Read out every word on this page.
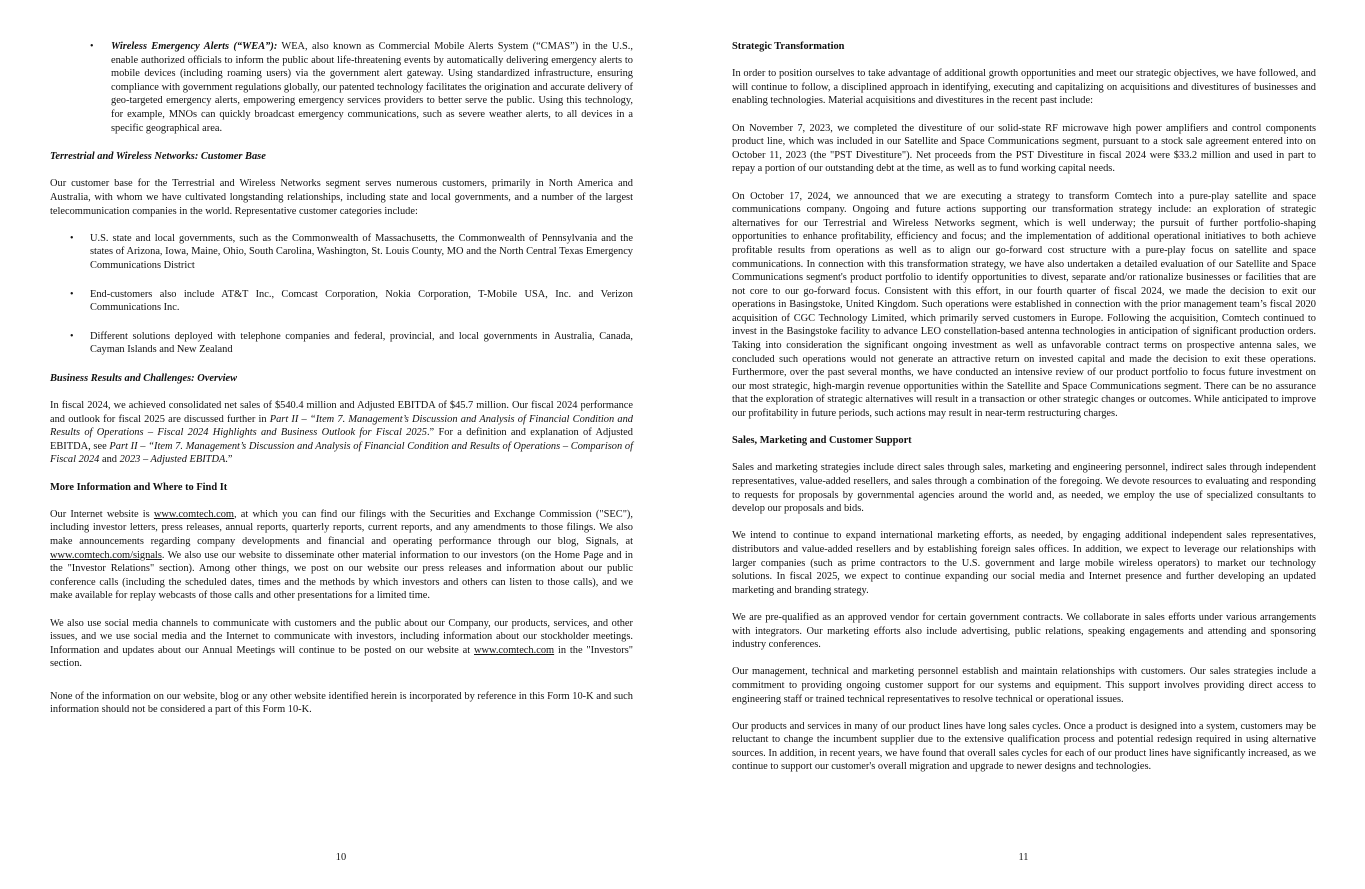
• Wireless Emergency Alerts (“WEA”): WEA, also known as Commercial Mobile Alerts System (“CMAS”) in the U.S., enable authorized officials to inform the public about life-threatening events by automatically delivering emergency alerts to mobile devices (including roaming users) via the government alert gateway. Using standardized infrastructure, ensuring compliance with government regulations globally, our patented technology facilitates the origination and accurate delivery of geo-targeted emergency alerts, empowering emergency services providers to better serve the public. Using this technology, for example, MNOs can quickly broadcast emergency communications, such as severe weather alerts, to all devices in a specific geographical area.
Terrestrial and Wireless Networks: Customer Base

Our customer base for the Terrestrial and Wireless Networks segment serves numerous customers, primarily in North America and Australia, with whom we have cultivated longstanding relationships, including state and local governments, and a number of the largest telecommunication companies in the world. Representative customer categories include:

• U.S. state and local governments, such as the Commonwealth of Massachusetts, the Commonwealth of Pennsylvania and the states of Arizona, Iowa, Maine, Ohio, South Carolina, Washington, St. Louis County, MO and the North Central Texas Emergency Communications District
• End-customers also include AT&T Inc., Comcast Corporation, Nokia Corporation, T-Mobile USA, Inc. and Verizon Communications Inc.
• Different solutions deployed with telephone companies and federal, provincial, and local governments in Australia, Canada, Cayman Islands and New Zealand
Business Results and Challenges: Overview

In fiscal 2024, we achieved consolidated net sales of $540.4 million and Adjusted EBITDA of $45.7 million. Our fiscal 2024 performance and outlook for fiscal 2025 are discussed further in Part II – “Item 7. Management’s Discussion and Analysis of Financial Condition and Results of Operations – Fiscal 2024 Highlights and Business Outlook for Fiscal 2025.” For a definition and explanation of Adjusted EBITDA, see Part II – “Item 7. Management’s Discussion and Analysis of Financial Condition and Results of Operations – Comparison of Fiscal 2024 and 2023 – Adjusted EBITDA.”

More Information and Where to Find It

Our Internet website is www.comtech.com, at which you can find our filings with the Securities and Exchange Commission ("SEC"), including investor letters, press releases, annual reports, quarterly reports, current reports, and any amendments to those filings. We also make announcements regarding company developments and financial and operating performance through our blog, Signals, at www.comtech.com/signals. We also use our website to disseminate other material information to our investors (on the Home Page and in the "Investor Relations" section). Among other things, we post on our website our press releases and information about our public conference calls (including the scheduled dates, times and the methods by which investors and others can listen to those calls), and we make available for replay webcasts of those calls and other presentations for a limited time.

We also use social media channels to communicate with customers and the public about our Company, our products, services, and other issues, and we use social media and the Internet to communicate with investors, including information about our stockholder meetings. Information and updates about our Annual Meetings will continue to be posted on our website at www.comtech.com in the "Investors" section.

None of the information on our website, blog or any other website identified herein is incorporated by reference in this Form 10-K and such information should not be considered a part of this Form 10-K.

10
Strategic Transformation

In order to position ourselves to take advantage of additional growth opportunities and meet our strategic objectives, we have followed, and will continue to follow, a disciplined approach in identifying, executing and capitalizing on acquisitions and divestitures of businesses and enabling technologies. Material acquisitions and divestitures in the recent past include:

On November 7, 2023, we completed the divestiture of our solid-state RF microwave high power amplifiers and control components product line, which was included in our Satellite and Space Communications segment, pursuant to a stock sale agreement entered into on October 11, 2023 (the "PST Divestiture"). Net proceeds from the PST Divestiture in fiscal 2024 were $33.2 million and used in part to repay a portion of our outstanding debt at the time, as well as to fund working capital needs.

On October 17, 2024, we announced that we are executing a strategy to transform Comtech into a pure-play satellite and space communications company. Ongoing and future actions supporting our transformation strategy include: an exploration of strategic alternatives for our Terrestrial and Wireless Networks segment, which is well underway; the pursuit of further portfolio-shaping opportunities to enhance profitability, efficiency and focus; and the implementation of additional operational initiatives to both achieve profitable results from operations as well as to align our go-forward cost structure with a pure-play focus on satellite and space communications. In connection with this transformation strategy, we have also undertaken a detailed evaluation of our Satellite and Space Communications segment's product portfolio to identify opportunities to divest, separate and/or rationalize businesses or facilities that are not core to our go-forward focus. Consistent with this effort, in our fourth quarter of fiscal 2024, we made the decision to exit our operations in Basingstoke, United Kingdom. Such operations were established in connection with the prior management team’s fiscal 2020 acquisition of CGC Technology Limited, which primarily served customers in Europe. Following the acquisition, Comtech continued to invest in the Basingstoke facility to advance LEO constellation-based antenna technologies in anticipation of significant production orders. Taking into consideration the significant ongoing investment as well as unfavorable contract terms on prospective antenna sales, we concluded such operations would not generate an attractive return on invested capital and made the decision to exit these operations. Furthermore, over the past several months, we have conducted an intensive review of our product portfolio to focus future investment on our most strategic, high-margin revenue opportunities within the Satellite and Space Communications segment. There can be no assurance that the exploration of strategic alternatives will result in a transaction or other strategic changes or outcomes. While anticipated to improve our profitability in future periods, such actions may result in near-term restructuring charges.

Sales, Marketing and Customer Support

Sales and marketing strategies include direct sales through sales, marketing and engineering personnel, indirect sales through independent representatives, value-added resellers, and sales through a combination of the foregoing. We devote resources to evaluating and responding to requests for proposals by governmental agencies around the world and, as needed, we employ the use of specialized consultants to develop our proposals and bids.

We intend to continue to expand international marketing efforts, as needed, by engaging additional independent sales representatives, distributors and value-added resellers and by establishing foreign sales offices. In addition, we expect to leverage our relationships with larger companies (such as prime contractors to the U.S. government and large mobile wireless operators) to market our technology solutions. In fiscal 2025, we expect to continue expanding our social media and Internet presence and further developing an updated marketing and branding strategy.

We are pre-qualified as an approved vendor for certain government contracts. We collaborate in sales efforts under various arrangements with integrators. Our marketing efforts also include advertising, public relations, speaking engagements and attending and sponsoring industry conferences.

Our management, technical and marketing personnel establish and maintain relationships with customers. Our sales strategies include a commitment to providing ongoing customer support for our systems and equipment. This support involves providing direct access to engineering staff or trained technical representatives to resolve technical or operational issues.

Our products and services in many of our product lines have long sales cycles. Once a product is designed into a system, customers may be reluctant to change the incumbent supplier due to the extensive qualification process and potential redesign required in using alternative sources. In addition, in recent years, we have found that overall sales cycles for each of our product lines have significantly increased, as we continue to support our customer's overall migration and upgrade to newer designs and technologies.

11
